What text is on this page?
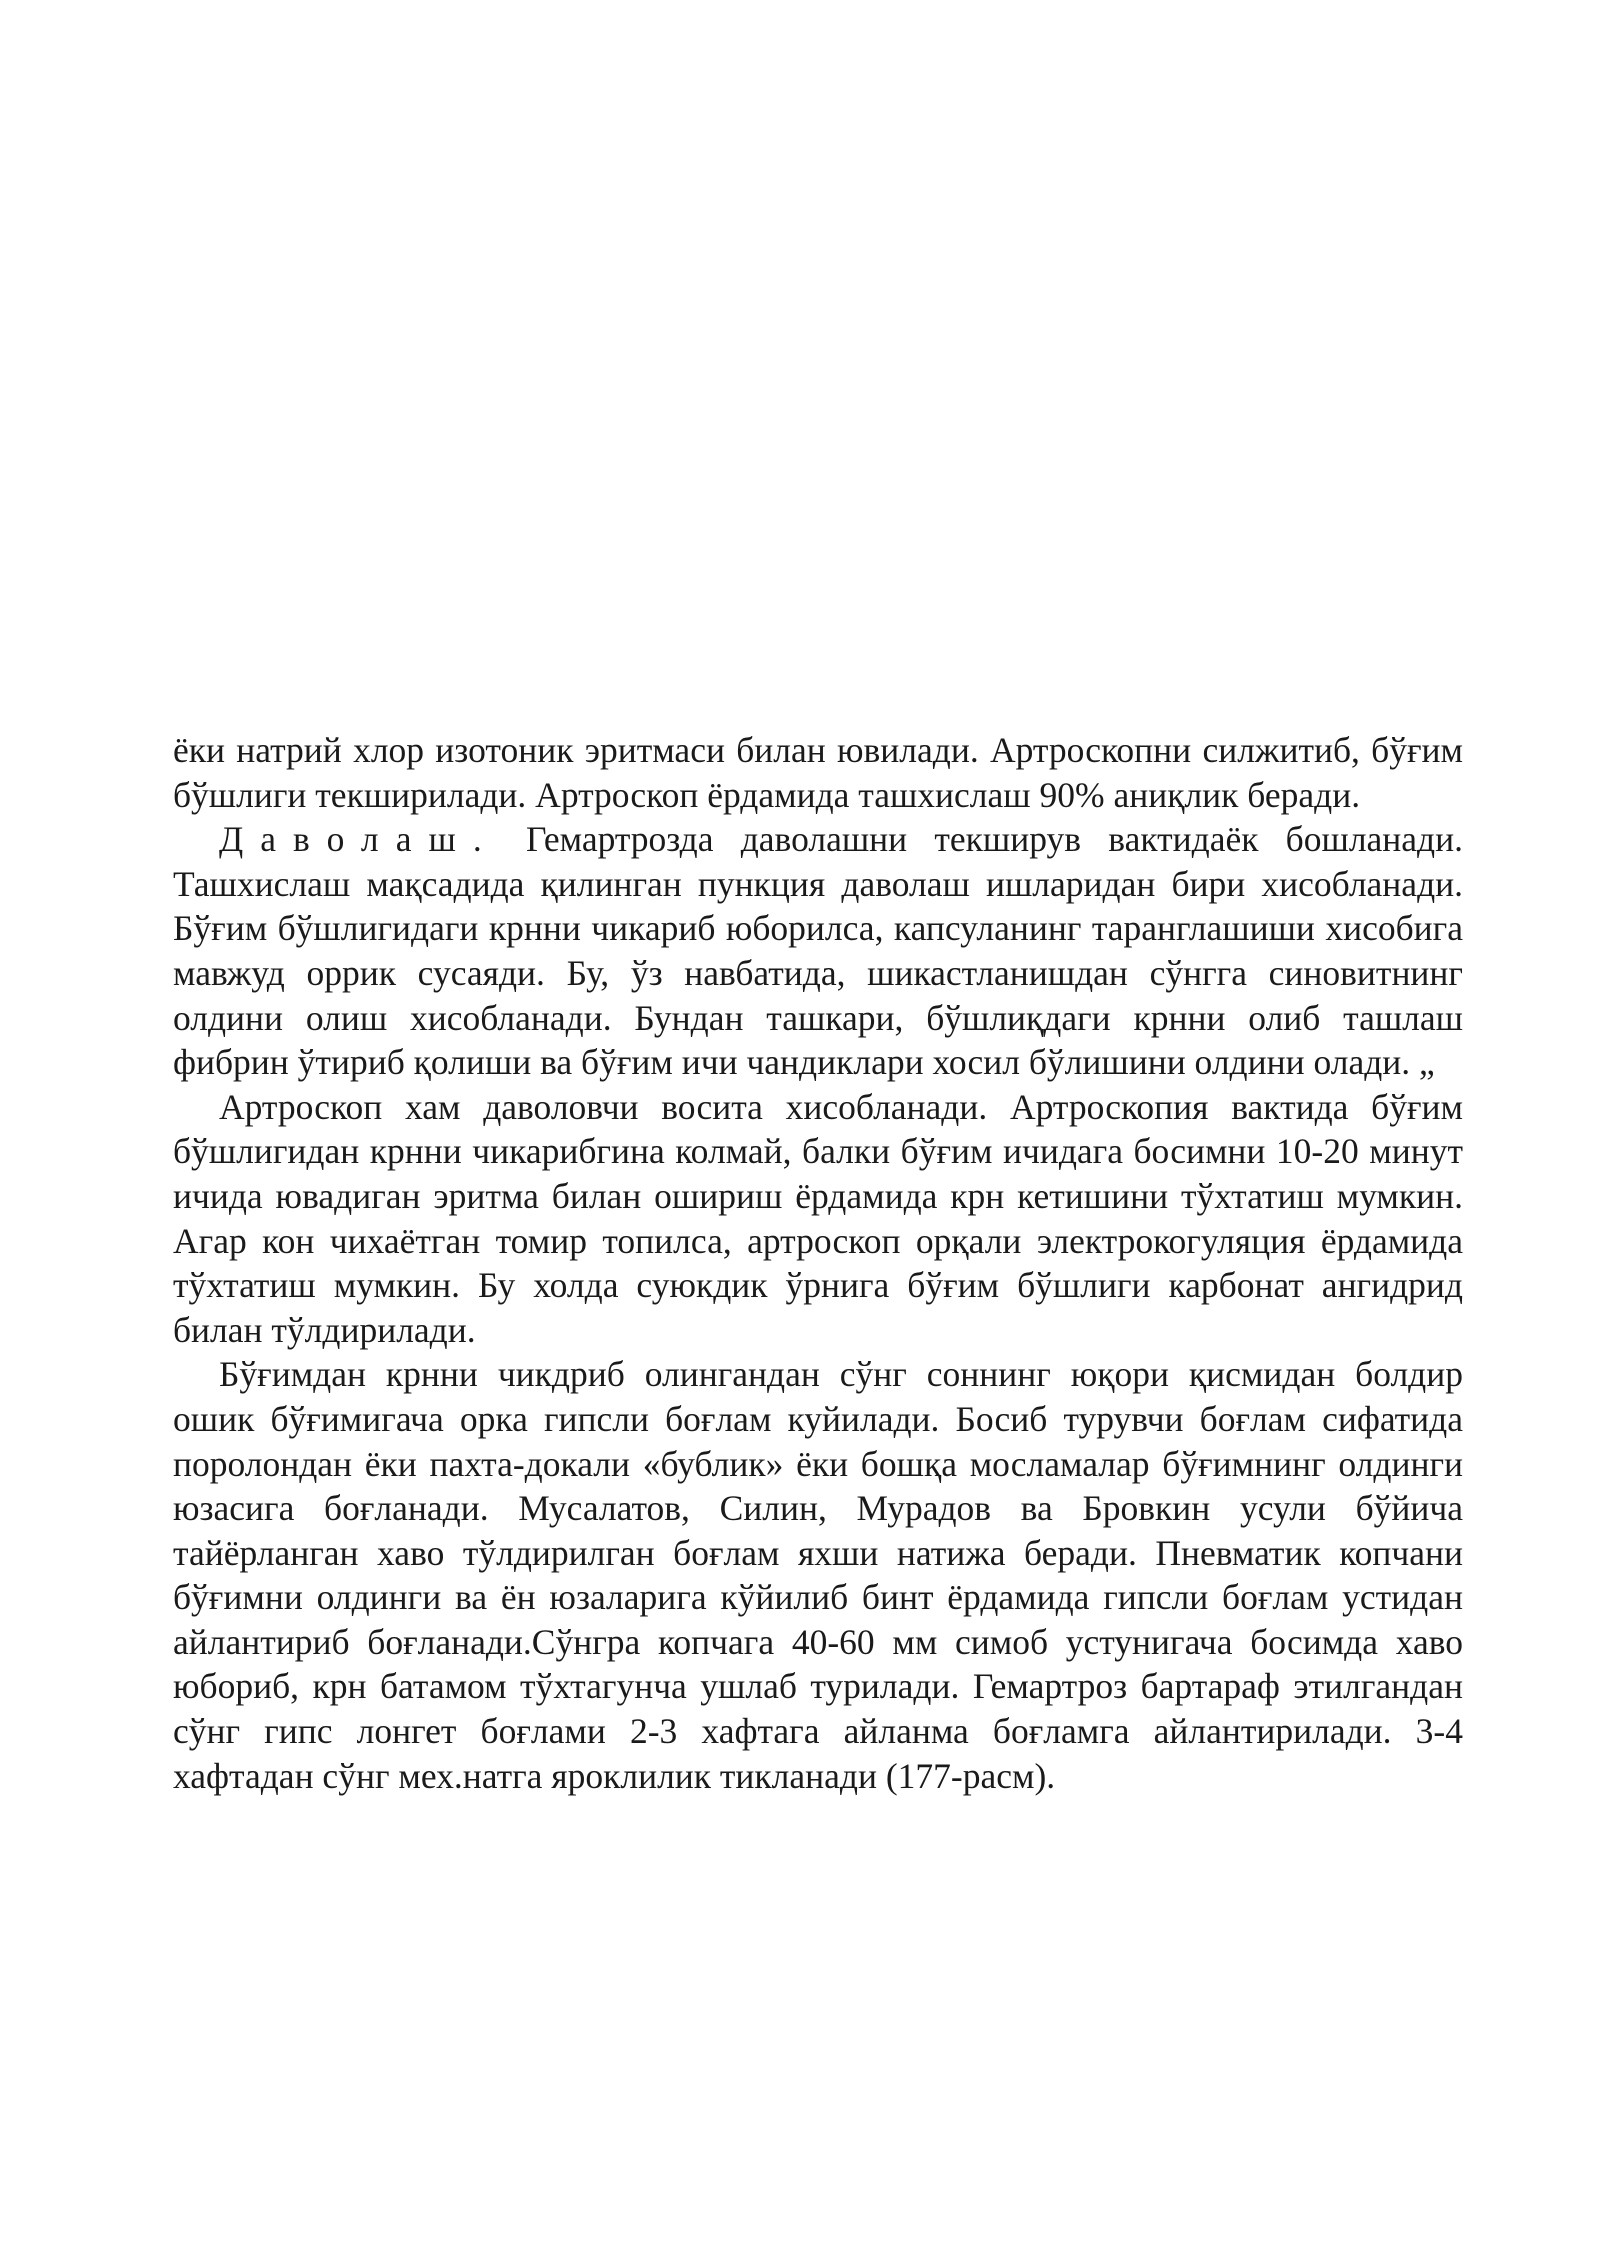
ёки натрий хлор изотоник эритмаси билан ювилади. Артроскопни силжитиб, бўғим бўшлиги текширилади. Артроскоп ёрдамида ташхислаш 90% аниқлик беради.

Даволаш. Гемартрозда даволашни текширув вактидаёк бошланади. Ташхислаш мақсадида қилинган пункция даволаш ишларидан бири хисобланади. Бўғим бўшлигидаги крнни чикариб юборилса, капсуланинг таранглашиши хисобига мавжуд оррик сусаяди. Бу, ўз навбатида, шикастланишдан сўнгга синовитнинг олдини олиш хисобланади. Бундан ташкари, бўшлиқдаги крнни олиб ташлаш фибрин ўтириб қолиши ва бўғим ичи чандиклари хосил бўлишини олдини олади. „

Артроскоп хам даволовчи восита хисобланади. Артроскопия вактида бўғим бўшлигидан крнни чикарибгина колмай, балки бўғим ичидага босимни 10-20 минут ичида ювадиган эритма билан ошириш ёрдамида крн кетишини тўхтатиш мумкин. Агар кон чихаётган томир топилса, артроскоп орқали электрокогуляция ёрдамида тўхтатиш мумкин. Бу холда суюкдик ўрнига бўғим бўшлиги карбонат ангидрид билан тўлдирилади.

Бўғимдан крнни чикдриб олингандан сўнг соннинг юқори қисмидан болдир ошик бўғимигача орка гипсли боғлам куйилади. Босиб турувчи боғлам сифатида поролондан ёки пахта-докали «бублик» ёки бошқа мосламалар бўғимнинг олдинги юзасига боғланади. Мусалатов, Силин, Мурадов ва Бровкин усули бўйича тайёрланган хаво тўлдирилган боғлам яхши натижа беради. Пневматик копчани бўғимни олдинги ва ён юзаларига кўйилиб бинт ёрдамида гипсли боғлам устидан айлантириб боғланади.Сўнгра копчага 40-60 мм симоб устунигача босимда хаво юбориб, крн батамом тўхтагунча ушлаб турилади. Гемартроз бартараф этилгандан сўнг гипс лонгет боғлами 2-3 хафтага айланма боғламга айлантирилади. 3-4 хафтадан сўнг мех.натга яроклилик тикланади (177-расм).
